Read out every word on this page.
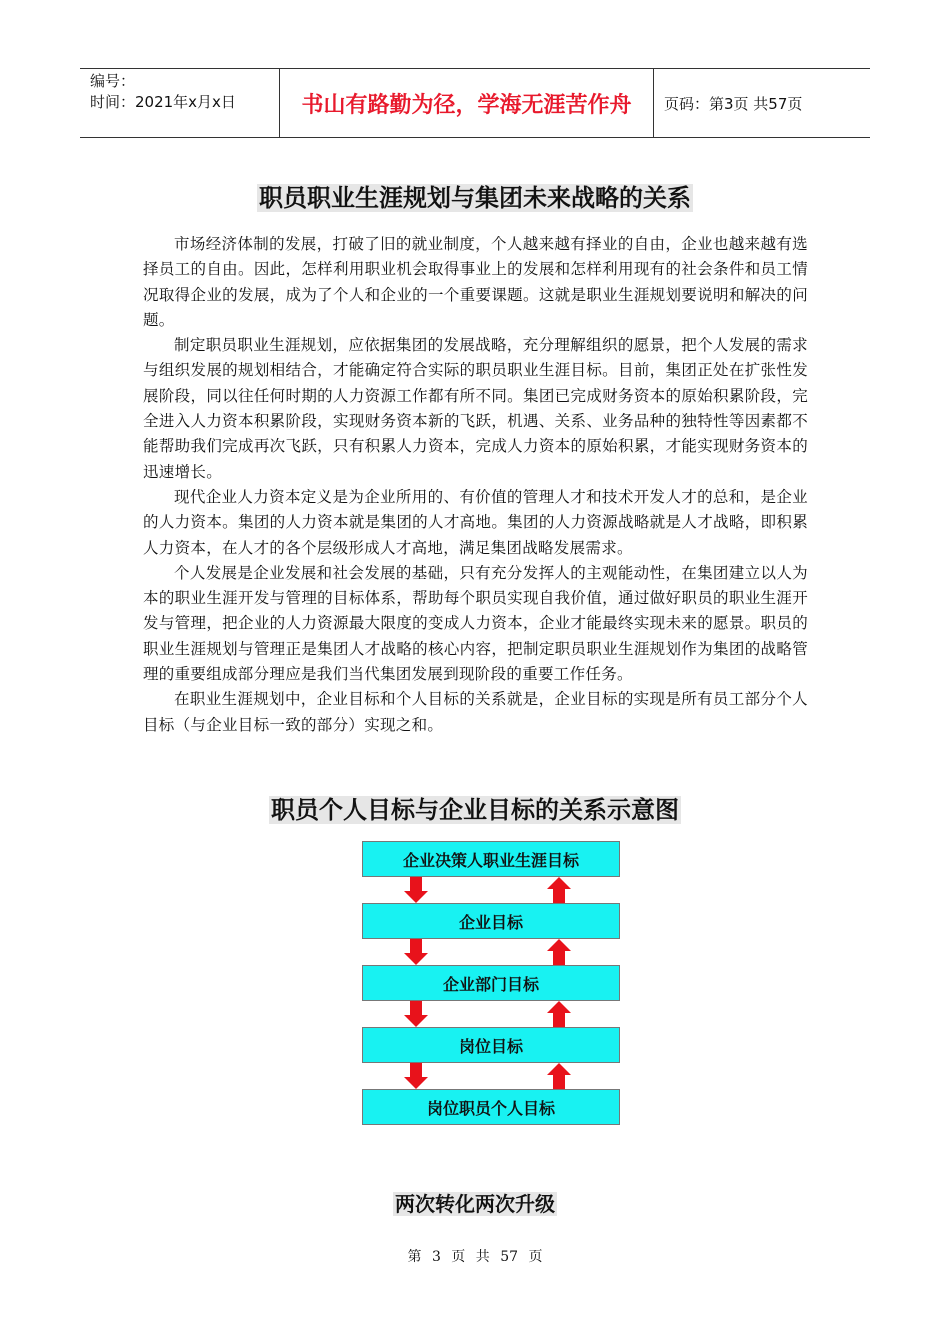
编号：
时间：2021年x月x日	书山有路勤为径，学海无涯苦作舟	页码：第3页 共57页
职员职业生涯规划与集团未来战略的关系

市场经济体制的发展，打破了旧的就业制度，个人越来越有择业的自由，企业也越来越有选择员工的自由。因此，怎样利用职业机会取得事业上的发展和怎样利用现有的社会条件和员工情况取得企业的发展，成为了个人和企业的一个重要课题。这就是职业生涯规划要说明和解决的问题。

制定职员职业生涯规划，应依据集团的发展战略，充分理解组织的愿景，把个人发展的需求与组织发展的规划相结合，才能确定符合实际的职员职业生涯目标。目前，集团正处在扩张性发展阶段，同以往任何时期的人力资源工作都有所不同。集团已完成财务资本的原始积累阶段，完全进入人力资本积累阶段，实现财务资本新的飞跃，机遇、关系、业务品种的独特性等因素都不能帮助我们完成再次飞跃，只有积累人力资本，完成人力资本的原始积累，才能实现财务资本的迅速增长。

现代企业人力资本定义是为企业所用的、有价值的管理人才和技术开发人才的总和，是企业的人力资本。集团的人力资本就是集团的人才高地。集团的人力资源战略就是人才战略，即积累人力资本，在人才的各个层级形成人才高地，满足集团战略发展需求。

个人发展是企业发展和社会发展的基础，只有充分发挥人的主观能动性，在集团建立以人为本的职业生涯开发与管理的目标体系，帮助每个职员实现自我价值，通过做好职员的职业生涯开发与管理，把企业的人力资源最大限度的变成人力资本，企业才能最终实现未来的愿景。职员的职业生涯规划与管理正是集团人才战略的核心内容，把制定职员职业生涯规划作为集团的战略管理的重要组成部分理应是我们当代集团发展到现阶段的重要工作任务。

在职业生涯规划中，企业目标和个人目标的关系就是，企业目标的实现是所有员工部分个人目标（与企业目标一致的部分）实现之和。

职员个人目标与企业目标的关系示意图
企业决策人职业生涯目标
企业目标
企业部门目标
岗位目标
岗位职员个人目标
两次转化两次升级
第 3 页 共 57 页
